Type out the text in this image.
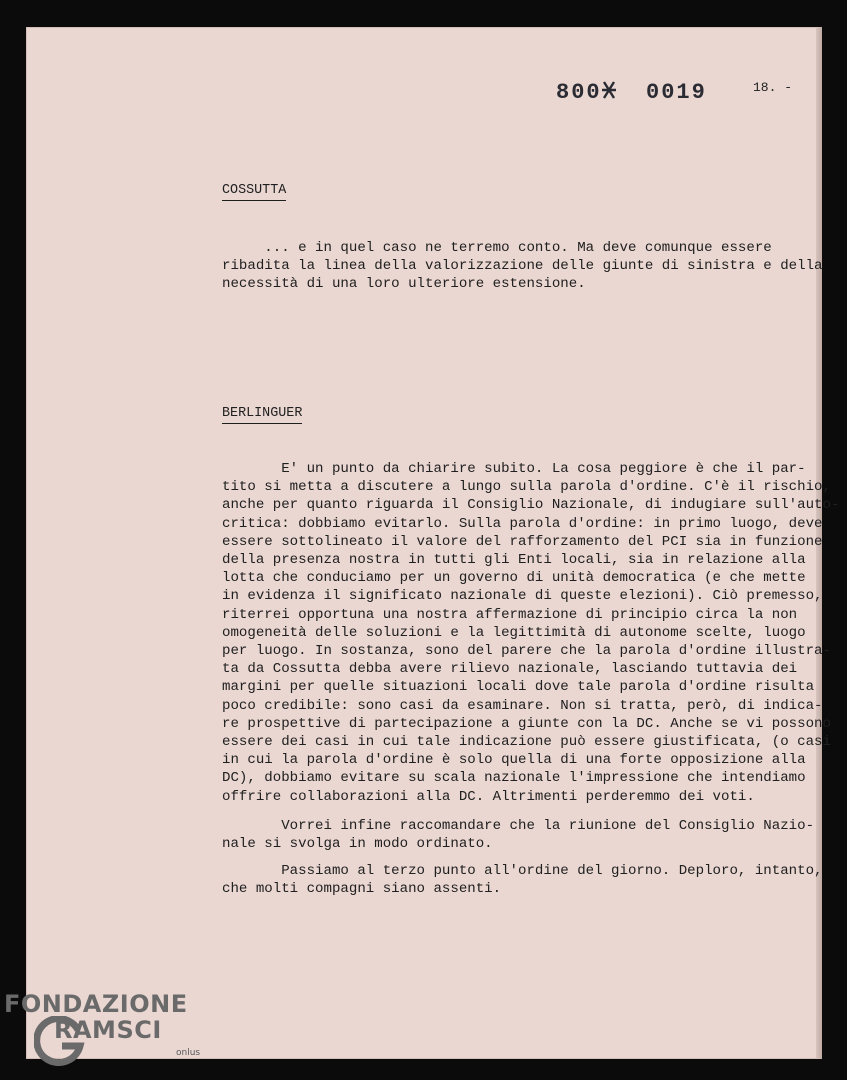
800 0019	18. -
COSSUTTA

... e in quel caso ne terremo conto. Ma deve comunque essere
ribadita la linea della valorizzazione delle giunte di sinistra e della
necessità di una loro ulteriore estensione.

BERLINGUER

E' un punto da chiarire subito. La cosa peggiore è che il par-
tito si metta a discutere a lungo sulla parola d'ordine. C'è il rischio,
anche per quanto riguarda il Consiglio Nazionale, di indugiare sull'auto-
critica: dobbiamo evitarlo. Sulla parola d'ordine: in primo luogo, deve
essere sottolineato il valore del rafforzamento del PCI sia in funzione
della presenza nostra in tutti gli Enti locali, sia in relazione alla
lotta che conduciamo per un governo di unità democratica (e che mette
in evidenza il significato nazionale di queste elezioni). Ciò premesso,
riterrei opportuna una nostra affermazione di principio circa la non
omogeneità delle soluzioni e la legittimità di autonome scelte, luogo
per luogo. In sostanza, sono del parere che la parola d'ordine illustra-
ta da Cossutta debba avere rilievo nazionale, lasciando tuttavia dei
margini per quelle situazioni locali dove tale parola d'ordine risulta
poco credibile: sono casi da esaminare. Non si tratta, però, di indica-
re prospettive di partecipazione a giunte con la DC. Anche se vi possono
essere dei casi in cui tale indicazione può essere giustificata, (o casi
in cui la parola d'ordine è solo quella di una forte opposizione alla
DC), dobbiamo evitare su scala nazionale l'impressione che intendiamo
offrire collaborazioni alla DC. Altrimenti perderemmo dei voti.

Vorrei infine raccomandare che la riunione del Consiglio Nazio-
nale si svolga in modo ordinato.

Passiamo al terzo punto all'ordine del giorno. Deploro, intanto,
che molti compagni siano assenti.

FONDAZIONE
RAMSCI
onlus
